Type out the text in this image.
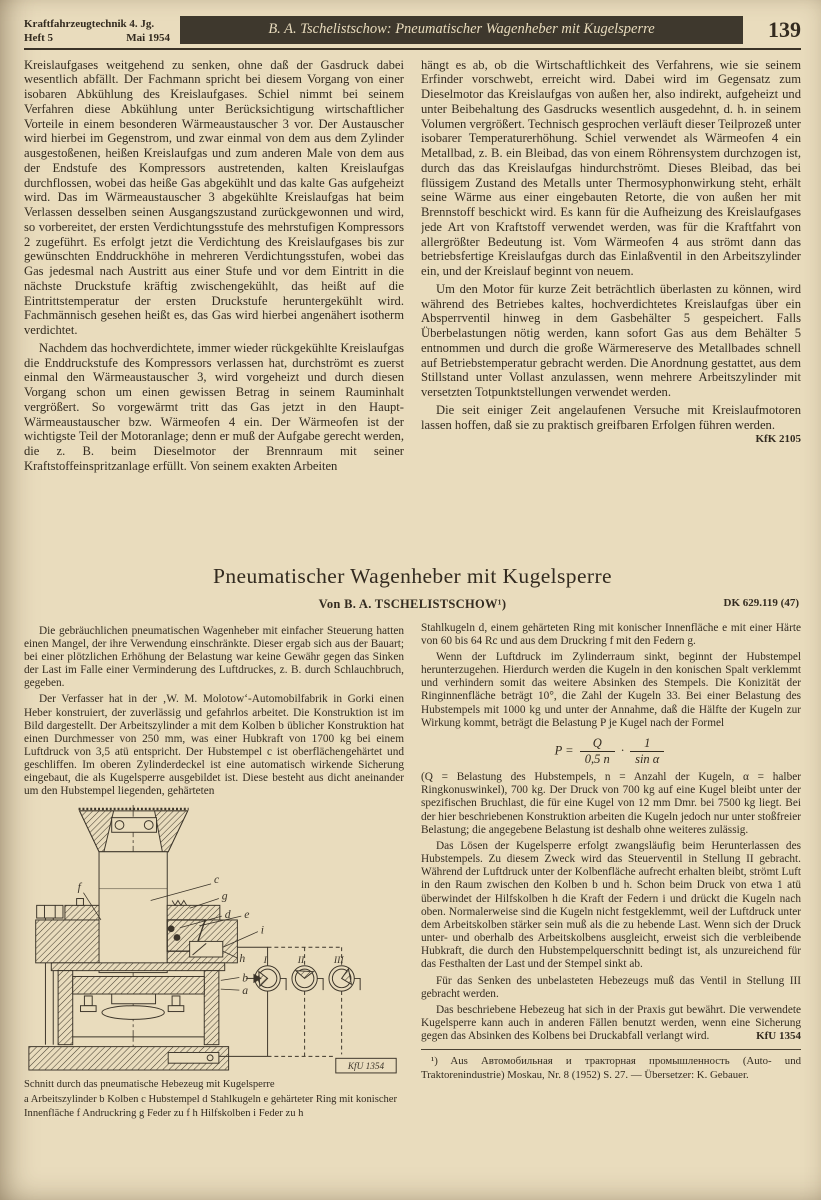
Kraftfahrzeugtechnik 4. Jg.
Heft 5	Mai 1954
B. A. Tschelistschow: Pneumatischer Wagenheber mit Kugelsperre	139

Kreislaufgases weitgehend zu senken, ohne daß der Gasdruck dabei wesentlich abfällt. Der Fachmann spricht bei diesem Vorgang von einer isobaren Abkühlung des Kreislaufgases. Schiel nimmt bei seinem Verfahren diese Abkühlung unter Berücksichtigung wirtschaftlicher Vorteile in einem besonderen Wärmeaustauscher 3 vor. Der Austauscher wird hierbei im Gegenstrom, und zwar einmal von dem aus dem Zylinder ausgestoßenen, heißen Kreislaufgas und zum anderen Male von dem aus der Endstufe des Kompressors austretenden, kalten Kreislaufgas durchflossen, wobei das heiße Gas abgekühlt und das kalte Gas aufgeheizt wird. Das im Wärmeaustauscher 3 abgekühlte Kreislaufgas hat beim Verlassen desselben seinen Ausgangszustand zurückgewonnen und wird, so vorbereitet, der ersten Verdichtungsstufe des mehrstufigen Kompressors 2 zugeführt. Es erfolgt jetzt die Verdichtung des Kreislaufgases bis zur gewünschten Enddruckhöhe in mehreren Verdichtungsstufen, wobei das Gas jedesmal nach Austritt aus einer Stufe und vor dem Eintritt in die nächste Druckstufe kräftig zwischengekühlt, das heißt auf die Eintrittstemperatur der ersten Druckstufe heruntergekühlt wird. Fachmännisch gesehen heißt es, das Gas wird hierbei angenähert isotherm verdichtet.

Nachdem das hochverdichtete, immer wieder rückgekühlte Kreislaufgas die Enddruckstufe des Kompressors verlassen hat, durchströmt es zuerst einmal den Wärmeaustauscher 3, wird vorgeheizt und durch diesen Vorgang schon um einen gewissen Betrag in seinem Rauminhalt vergrößert. So vorgewärmt tritt das Gas jetzt in den Haupt-Wärmeaustauscher bzw. Wärmeofen 4 ein. Der Wärmeofen ist der wichtigste Teil der Motoranlage; denn er muß der Aufgabe gerecht werden, die z. B. beim Dieselmotor der Brennraum mit seiner Kraftstoffeinspritzanlage erfüllt. Von seinem exakten Arbeiten

hängt es ab, ob die Wirtschaftlichkeit des Verfahrens, wie sie seinem Erfinder vorschwebt, erreicht wird. Dabei wird im Gegensatz zum Dieselmotor das Kreislaufgas von außen her, also indirekt, aufgeheizt und unter Beibehaltung des Gasdrucks wesentlich ausgedehnt, d. h. in seinem Volumen vergrößert. Technisch gesprochen verläuft dieser Teilprozeß unter isobarer Temperaturerhöhung. Schiel verwendet als Wärmeofen 4 ein Metallbad, z. B. ein Bleibad, das von einem Röhrensystem durchzogen ist, durch das das Kreislaufgas hindurchströmt. Dieses Bleibad, das bei flüssigem Zustand des Metalls unter Thermosyphonwirkung steht, erhält seine Wärme aus einer eingebauten Retorte, die von außen her mit Brennstoff beschickt wird. Es kann für die Aufheizung des Kreislaufgases jede Art von Kraftstoff verwendet werden, was für die Kraftfahrt von allergrößter Bedeutung ist. Vom Wärmeofen 4 aus strömt dann das betriebsfertige Kreislaufgas durch das Einlaßventil in den Arbeitszylinder ein, und der Kreislauf beginnt von neuem.

Um den Motor für kurze Zeit beträchtlich überlasten zu können, wird während des Betriebes kaltes, hochverdichtetes Kreislaufgas über ein Absperrventil hinweg in dem Gasbehälter 5 gespeichert. Falls Überbelastungen nötig werden, kann sofort Gas aus dem Behälter 5 entnommen und durch die große Wärmereserve des Metallbades schnell auf Betriebstemperatur gebracht werden. Die Anordnung gestattet, aus dem Stillstand unter Vollast anzulassen, wenn mehrere Arbeitszylinder mit versetzten Totpunktstellungen verwendet werden.

Die seit einiger Zeit angelaufenen Versuche mit Kreislaufmotoren lassen hoffen, daß sie zu praktisch greifbaren Erfolgen führen werden.
KfK 2105

Pneumatischer Wagenheber mit Kugelsperre
Von B. A. TSCHELISTSCHOW¹)	DK 629.119 (47)

Die gebräuchlichen pneumatischen Wagenheber mit einfacher Steuerung hatten einen Mangel, der ihre Verwendung einschränkte. Dieser ergab sich aus der Bauart; bei einer plötzlichen Erhöhung der Belastung war keine Gewähr gegen das Sinken der Last im Falle einer Verminderung des Luftdruckes, z. B. durch Schlauchbruch, gegeben.

Der Verfasser hat in der ‚W. M. Molotow‘-Automobilfabrik in Gorki einen Heber konstruiert, der zuverlässig und gefahrlos arbeitet. Die Konstruktion ist im Bild dargestellt. Der Arbeitszylinder a mit dem Kolben b üblicher Konstruktion hat einen Durchmesser von 250 mm, was einer Hubkraft von 1700 kg bei einem Luftdruck von 3,5 atü entspricht. Der Hubstempel c ist oberflächengehärtet und geschliffen. Im oberen Zylinderdeckel ist eine automatisch wirkende Sicherung eingebaut, die als Kugelsperre ausgebildet ist. Diese besteht aus dicht aneinander um den Hubstempel liegenden, gehärteten

f
c
g
d e
i
h
b
a
I	II	III
KfU 1354
Schnitt durch das pneumatische Hebezeug mit Kugelsperre
a Arbeitszylinder b Kolben c Hubstempel d Stahlkugeln e gehärteter Ring mit konischer Innenfläche f Andruckring g Feder zu f h Hilfskolben i Feder zu h

Stahlkugeln d, einem gehärteten Ring mit konischer Innenfläche e mit einer Härte von 60 bis 64 Rc und aus dem Druckring f mit den Federn g.

Wenn der Luftdruck im Zylinderraum sinkt, beginnt der Hubstempel herunterzugehen. Hierdurch werden die Kugeln in den konischen Spalt verklemmt und verhindern somit das weitere Absinken des Stempels. Die Konizität der Ringinnenfläche beträgt 10°, die Zahl der Kugeln 33. Bei einer Belastung des Hubstempels mit 1000 kg und unter der Annahme, daß die Hälfte der Kugeln zur Wirkung kommt, beträgt die Belastung P je Kugel nach der Formel

$P = \frac{Q}{0,5 n} \cdot \frac{1}{\text{sin α}}$

(Q = Belastung des Hubstempels, n = Anzahl der Kugeln, α = halber Ringkonuswinkel), 700 kg. Der Druck von 700 kg auf eine Kugel bleibt unter der spezifischen Bruchlast, die für eine Kugel von 12 mm Dmr. bei 7500 kg liegt. Bei der hier beschriebenen Konstruktion arbeiten die Kugeln jedoch nur unter stoßfreier Belastung; die angegebene Belastung ist deshalb ohne weiteres zulässig.

Das Lösen der Kugelsperre erfolgt zwangsläufig beim Herunterlassen des Hubstempels. Zu diesem Zweck wird das Steuerventil in Stellung II gebracht. Während der Luftdruck unter der Kolbenfläche aufrecht erhalten bleibt, strömt Luft in den Raum zwischen den Kolben b und h. Schon beim Druck von etwa 1 atü überwindet der Hilfskolben h die Kraft der Federn i und drückt die Kugeln nach oben. Normalerweise sind die Kugeln nicht festgeklemmt, weil der Luftdruck unter dem Arbeitskolben stärker sein muß als die zu hebende Last. Wenn sich der Druck unter- und oberhalb des Arbeitskolbens ausgleicht, erweist sich die verbleibende Hubkraft, die durch den Hubstempelquerschnitt bedingt ist, als unzureichend für das Festhalten der Last und der Stempel sinkt ab.

Für das Senken des unbelasteten Hebezeugs muß das Ventil in Stellung III gebracht werden.

Das beschriebene Hebezeug hat sich in der Praxis gut bewährt. Die verwendete Kugelsperre kann auch in anderen Fällen benutzt werden, wenn eine Sicherung gegen das Absinken des Kolbens bei Druckabfall verlangt wird.	KfU 1354

¹) Aus Автомобильная и тракторная промышленность (Auto- und Traktorenindustrie) Moskau, Nr. 8 (1952) S. 27. — Übersetzer: K. Gebauer.
